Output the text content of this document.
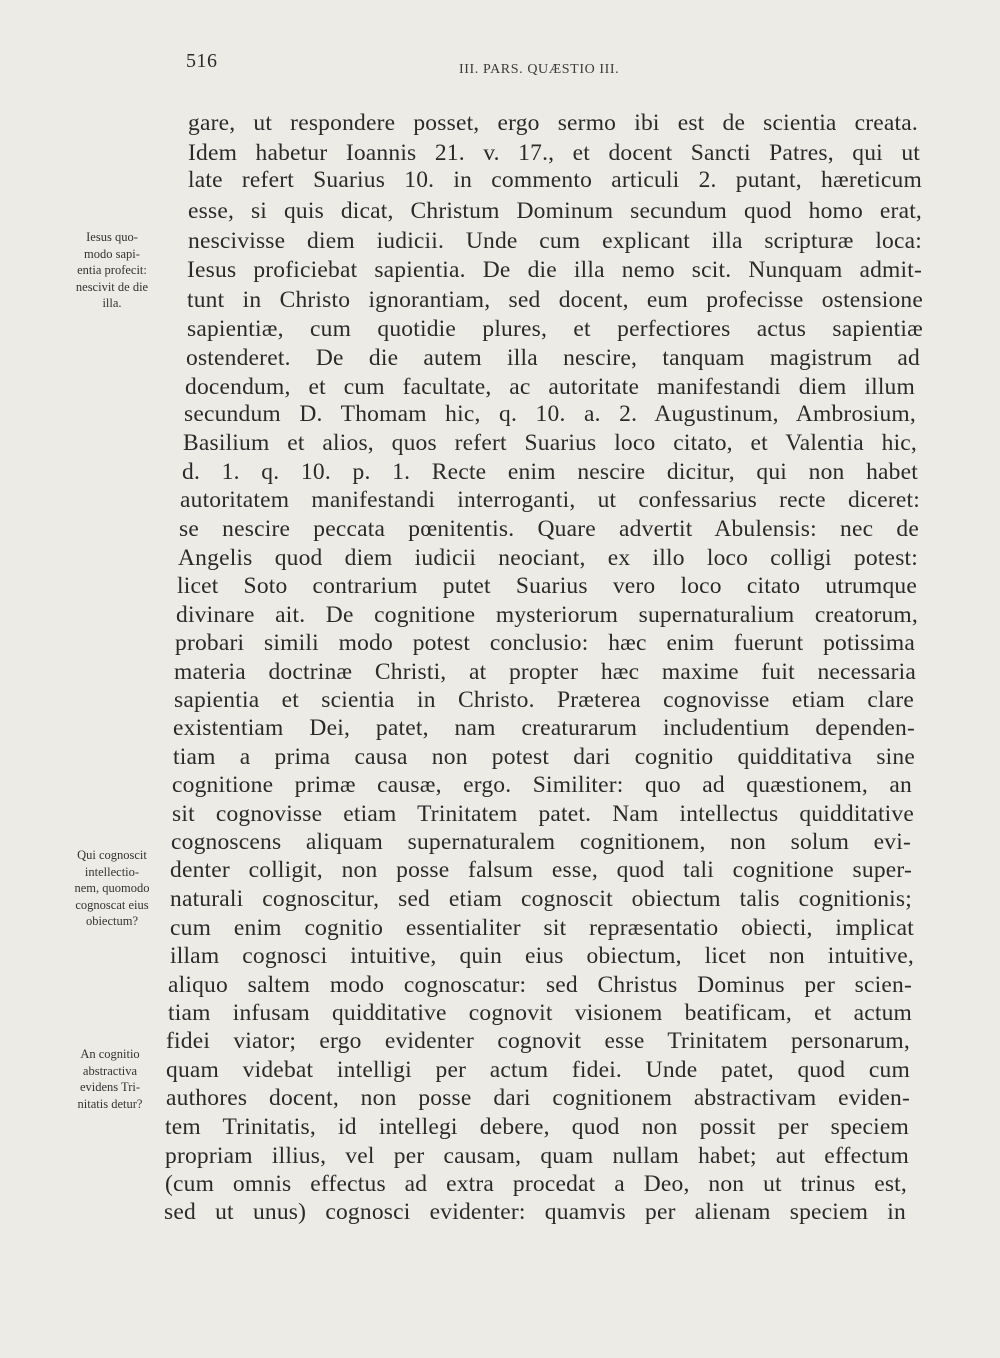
516	III. PARS. QUÆSTIO III.
gare, ut respondere posset, ergo sermo ibi est de scientia creata.
Idem habetur Ioannis 21. v. 17., et docent Sancti Patres, qui ut
late refert Suarius 10. in commento articuli 2. putant, hæreticum
esse, si quis dicat, Christum Dominum secundum quod homo erat,
nescivisse diem iudicii. Unde cum explicant illa scripturæ loca:
Iesus proficiebat sapientia. De die illa nemo scit. Nunquam admit-
tunt in Christo ignorantiam, sed docent, eum profecisse ostensione
sapientiæ, cum quotidie plures, et perfectiores actus sapientiæ
ostenderet. De die autem illa nescire, tanquam magistrum ad
docendum, et cum facultate, ac autoritate manifestandi diem illum
secundum D. Thomam hic, q. 10. a. 2. Augustinum, Ambrosium,
Basilium et alios, quos refert Suarius loco citato, et Valentia hic,
d. 1. q. 10. p. 1. Recte enim nescire dicitur, qui non habet
autoritatem manifestandi interroganti, ut confessarius recte diceret:
se nescire peccata pœnitentis. Quare advertit Abulensis: nec de
Angelis quod diem iudicii neociant, ex illo loco colligi potest:
licet Soto contrarium putet Suarius vero loco citato utrumque
divinare ait. De cognitione mysteriorum supernaturalium creatorum,
probari simili modo potest conclusio: hæc enim fuerunt potissima
materia doctrinæ Christi, at propter hæc maxime fuit necessaria
sapientia et scientia in Christo. Præterea cognovisse etiam clare
existentiam Dei, patet, nam creaturarum includentium dependen-
tiam a prima causa non potest dari cognitio quidditativa sine
cognitione primæ causæ, ergo. Similiter: quo ad quæstionem, an
sit cognovisse etiam Trinitatem patet. Nam intellectus quidditative
cognoscens aliquam supernaturalem cognitionem, non solum evi-
denter colligit, non posse falsum esse, quod tali cognitione super-
naturali cognoscitur, sed etiam cognoscit obiectum talis cognitionis;
cum enim cognitio essentialiter sit repræsentatio obiecti, implicat
illam cognosci intuitive, quin eius obiectum, licet non intuitive,
aliquo saltem modo cognoscatur: sed Christus Dominus per scien-
tiam infusam quidditative cognovit visionem beatificam, et actum
fidei viator; ergo evidenter cognovit esse Trinitatem personarum,
quam videbat intelligi per actum fidei. Unde patet, quod cum
authores docent, non posse dari cognitionem abstractivam eviden-
tem Trinitatis, id intellegi debere, quod non possit per speciem
propriam illius, vel per causam, quam nullam habet; aut effectum
(cum omnis effectus ad extra procedat a Deo, non ut trinus est,
sed ut unus) cognosci evidenter: quamvis per alienam speciem in
Iesus quo-
modo sapi-
entia profecit:
nescivit de die
illa.
Qui cognoscit
intellectio-
nem, quomodo
cognoscat eius
obiectum?
An cognitio
abstractiva
evidens Tri-
nitatis detur?
